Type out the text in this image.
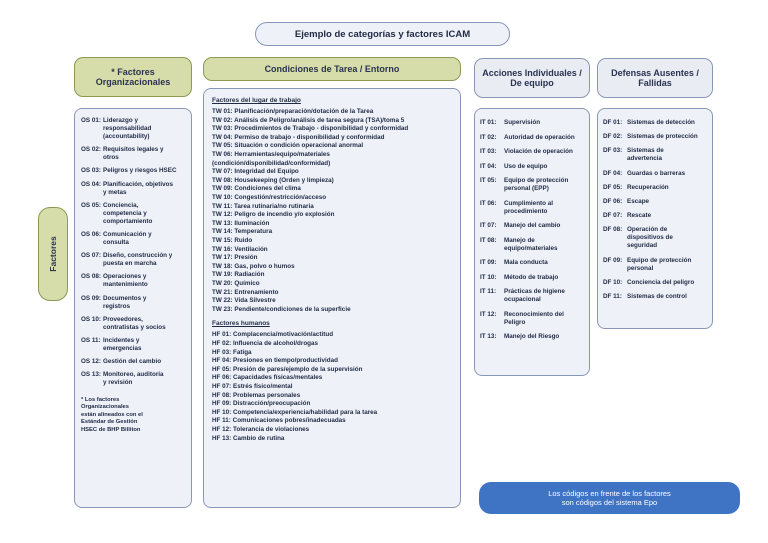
Ejemplo de categorías y factores ICAM
Factores
* Factores
Organizacionales
Condiciones de Tarea / Entorno	Acciones Individuales /
De equipo
Defensas Ausentes /
Fallidas
OS 01: Liderazgo y
responsabilidad
(accountability)
OS 02: Requisitos legales y
otros
OS 03: Peligros y riesgos HSEC
OS 04: Planificación, objetivos
y metas
OS 05: Conciencia,
competencia y
comportamiento
OS 06: Comunicación y
consulta
OS 07: Diseño, construcción y
puesta en marcha
OS 08: Operaciones y
mantenimiento
OS 09: Documentos y
registros
OS 10: Proveedores,
contratistas y socios
OS 11: Incidentes y
emergencias
OS 12: Gestión del cambio
OS 13: Monitoreo, auditoría
y revisión
* Los factores
Organizacionales
están alineados con el
Estándar de Gestión
HSEC de BHP Billiton
Factores del lugar de trabajo
TW 01: Planificación/preparación/dotación de la Tarea
TW 02: Análisis de Peligro/análisis de tarea segura (TSA)/toma 5
TW 03: Procedimientos de Trabajo - disponibilidad y conformidad
TW 04: Permiso de trabajo - disponibilidad y conformidad
TW 05: Situación o condición operacional anormal
TW 06: Herramientas/equipo/materiales
(condición/disponibilidad/conformidad)
TW 07: Integridad del Equipo
TW 08: Housekeeping (Orden y limpieza)
TW 09: Condiciones del clima
TW 10: Congestión/restricción/acceso
TW 11: Tarea rutinaria/no rutinaria
TW 12: Peligro de incendio y/o explosión
TW 13: Iluminación
TW 14: Temperatura
TW 15: Ruido
TW 16: Ventilación
TW 17: Presión
TW 18: Gas, polvo o humos
TW 19: Radiación
TW 20: Químico
TW 21: Entrenamiento
TW 22: Vida Silvestre
TW 23: Pendiente/condiciones de la superficie
Factores humanos
HF 01: Complacencia/motivación/actitud
HF 02: Influencia de alcohol/drogas
HF 03: Fatiga
HF 04: Presiones en tiempo/productividad
HF 05: Presión de pares/ejemplo de la supervisión
HF 06: Capacidades físicas/mentales
HF 07: Estrés físico/mental
HF 08: Problemas personales
HF 09: Distracción/preocupación
HF 10: Competencia/experiencia/habilidad para la tarea
HF 11: Comunicaciones pobres/inadecuadas
HF 12: Tolerancia de violaciones
HF 13: Cambio de rutina
IT 01: Supervisión
IT 02: Autoridad de operación
IT 03: Violación de operación
IT 04: Uso de equipo
IT 05: Equipo de protección
personal (EPP)
IT 06: Cumplimiento al
procedimiento
IT 07: Manejo del cambio
IT 08: Manejo de
equipo/materiales
IT 09: Mala conducta
IT 10: Método de trabajo
IT 11: Prácticas de higiene
ocupacional
IT 12: Reconocimiento del
Peligro
IT 13: Manejo del Riesgo
DF 01: Sistemas de detección
DF 02: Sistemas de protección
DF 03: Sistemas de
advertencia
DF 04: Guardas o barreras
DF 05: Recuperación
DF 06: Escape
DF 07: Rescate
DF 08: Operación de
dispositivos de
seguridad
DF 09: Equipo de protección
personal
DF 10: Conciencia del peligro
DF 11: Sistemas de control
Los códigos en frente de los factores
son códigos del sistema Epo
